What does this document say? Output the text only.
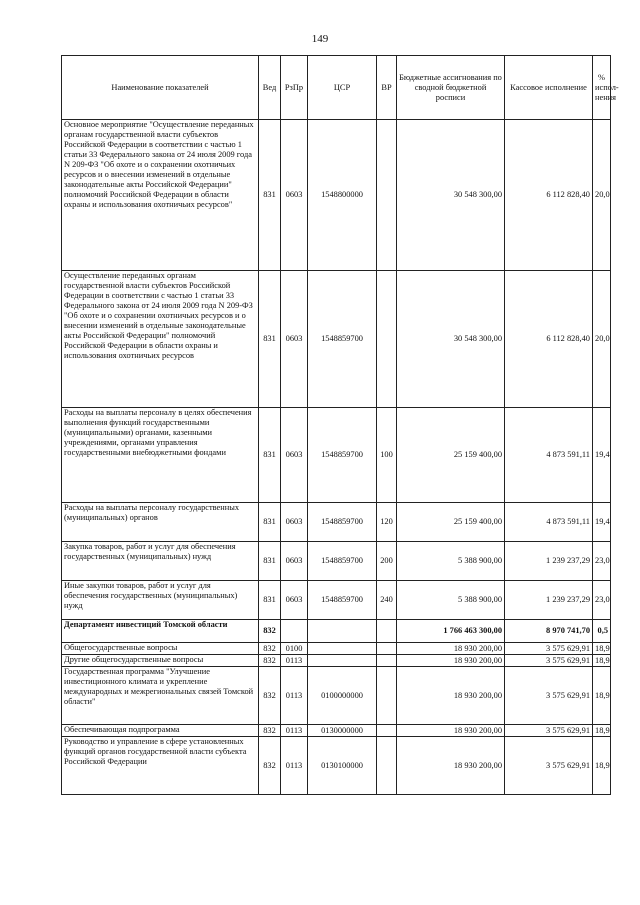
149
Наименование показателей	Вед	РзПр	ЦСР	ВР	Бюджетные ассигнования по сводной бюджетной росписи	Кассовое исполнение	% испол-нения
Основное мероприятие "Осуществление переданных органам государственной власти субъектов Российской Федерации в соответствии с частью 1 статьи 33 Федерального закона от 24 июля 2009 года N 209-ФЗ "Об охоте и о сохранении охотничьих ресурсов и о внесении изменений в отдельные законодательные акты Российской Федерации" полномочий Российской Федерации в области охраны и использования охотничьих ресурсов"	831	0603	1548800000		30 548 300,00	6 112 828,40	20,0
Осуществление переданных органам государственной власти субъектов Российской Федерации в соответствии с частью 1 статьи 33 Федерального закона от 24 июля 2009 года N 209-ФЗ "Об охоте и о сохранении охотничьих ресурсов и о внесении изменений в отдельные законодательные акты Российской Федерации" полномочий Российской Федерации в области охраны и использования охотничьих ресурсов	831	0603	1548859700		30 548 300,00	6 112 828,40	20,0
Расходы на выплаты персоналу в целях обеспечения выполнения функций государственными (муниципальными) органами, казенными учреждениями, органами управления государственными внебюджетными фондами	831	0603	1548859700	100	25 159 400,00	4 873 591,11	19,4
Расходы на выплаты персоналу государственных (муниципальных) органов	831	0603	1548859700	120	25 159 400,00	4 873 591,11	19,4
Закупка товаров, работ и услуг для обеспечения государственных (муниципальных) нужд	831	0603	1548859700	200	5 388 900,00	1 239 237,29	23,0
Иные закупки товаров, работ и услуг для обеспечения государственных (муниципальных) нужд	831	0603	1548859700	240	5 388 900,00	1 239 237,29	23,0
Департамент инвестиций Томской области	832				1 766 463 300,00	8 970 741,70	0,5
Общегосударственные вопросы	832	0100			18 930 200,00	3 575 629,91	18,9
Другие общегосударственные вопросы	832	0113			18 930 200,00	3 575 629,91	18,9
Государственная программа "Улучшение инвестиционного климата и укрепление международных и межрегиональных связей Томской области"	832	0113	0100000000		18 930 200,00	3 575 629,91	18,9
Обеспечивающая подпрограмма	832	0113	0130000000		18 930 200,00	3 575 629,91	18,9
Руководство и управление в сфере установленных функций органов государственной власти субъекта Российской Федерации	832	0113	0130100000		18 930 200,00	3 575 629,91	18,9
